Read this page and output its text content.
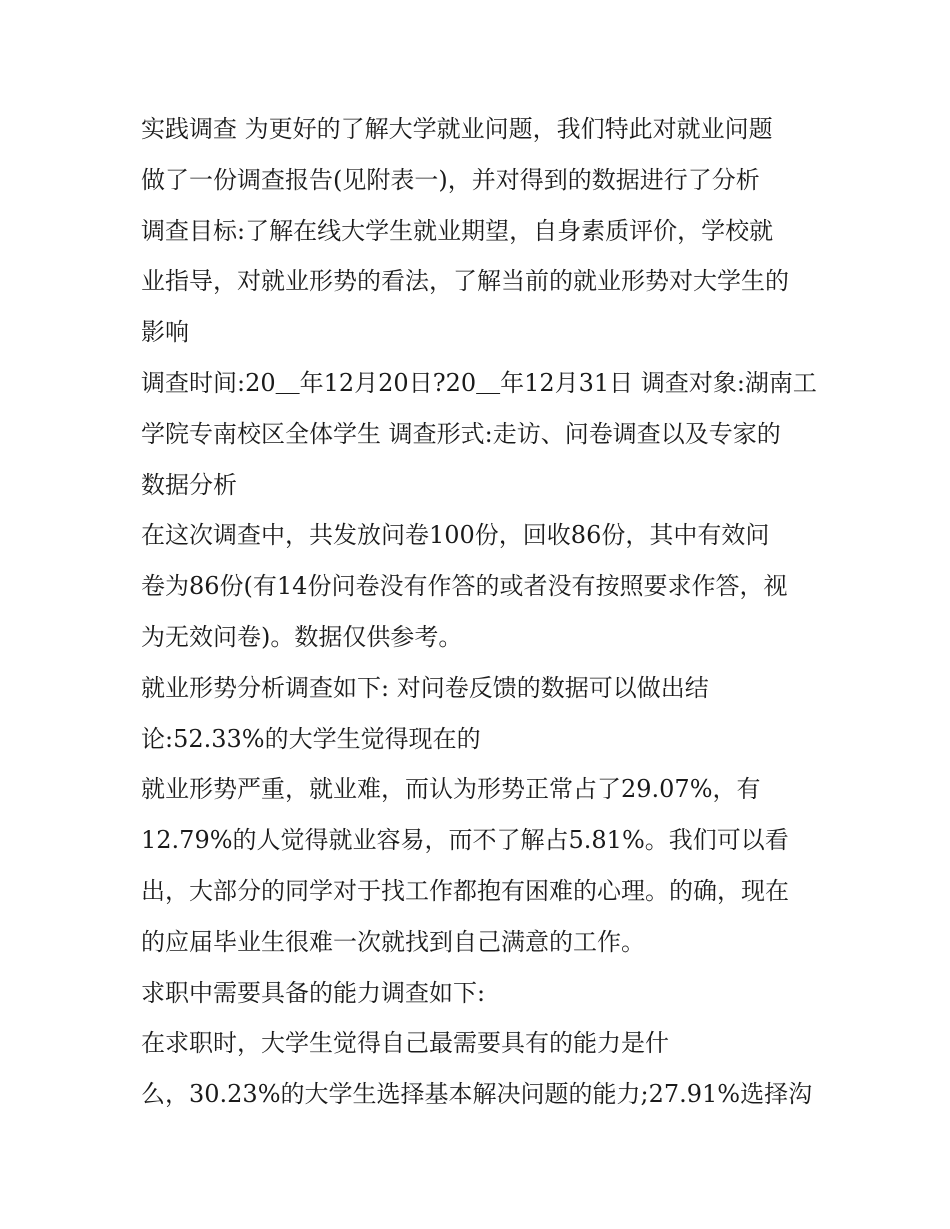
实践调查 为更好的了解大学就业问题，我们特此对就业问题
做了一份调查报告(见附表一)，并对得到的数据进行了分析
调查目标:了解在线大学生就业期望，自身素质评价，学校就
业指导，对就业形势的看法，了解当前的就业形势对大学生的
影响
调查时间:20＿年12月20日?20＿年12月31日 调查对象:湖南工
学院专南校区全体学生 调查形式:走访、问卷调查以及专家的
数据分析
在这次调查中，共发放问卷100份，回收86份，其中有效问
卷为86份(有14份问卷没有作答的或者没有按照要求作答，视
为无效问卷)。数据仅供参考。
就业形势分析调查如下: 对问卷反馈的数据可以做出结
论:52.33%的大学生觉得现在的
就业形势严重，就业难，而认为形势正常占了29.07%，有
12.79%的人觉得就业容易，而不了解占5.81%。我们可以看
出，大部分的同学对于找工作都抱有困难的心理。的确，现在
的应届毕业生很难一次就找到自己满意的工作。
求职中需要具备的能力调查如下:
在求职时，大学生觉得自己最需要具有的能力是什
么，30.23%的大学生选择基本解决问题的能力;27.91%选择沟
